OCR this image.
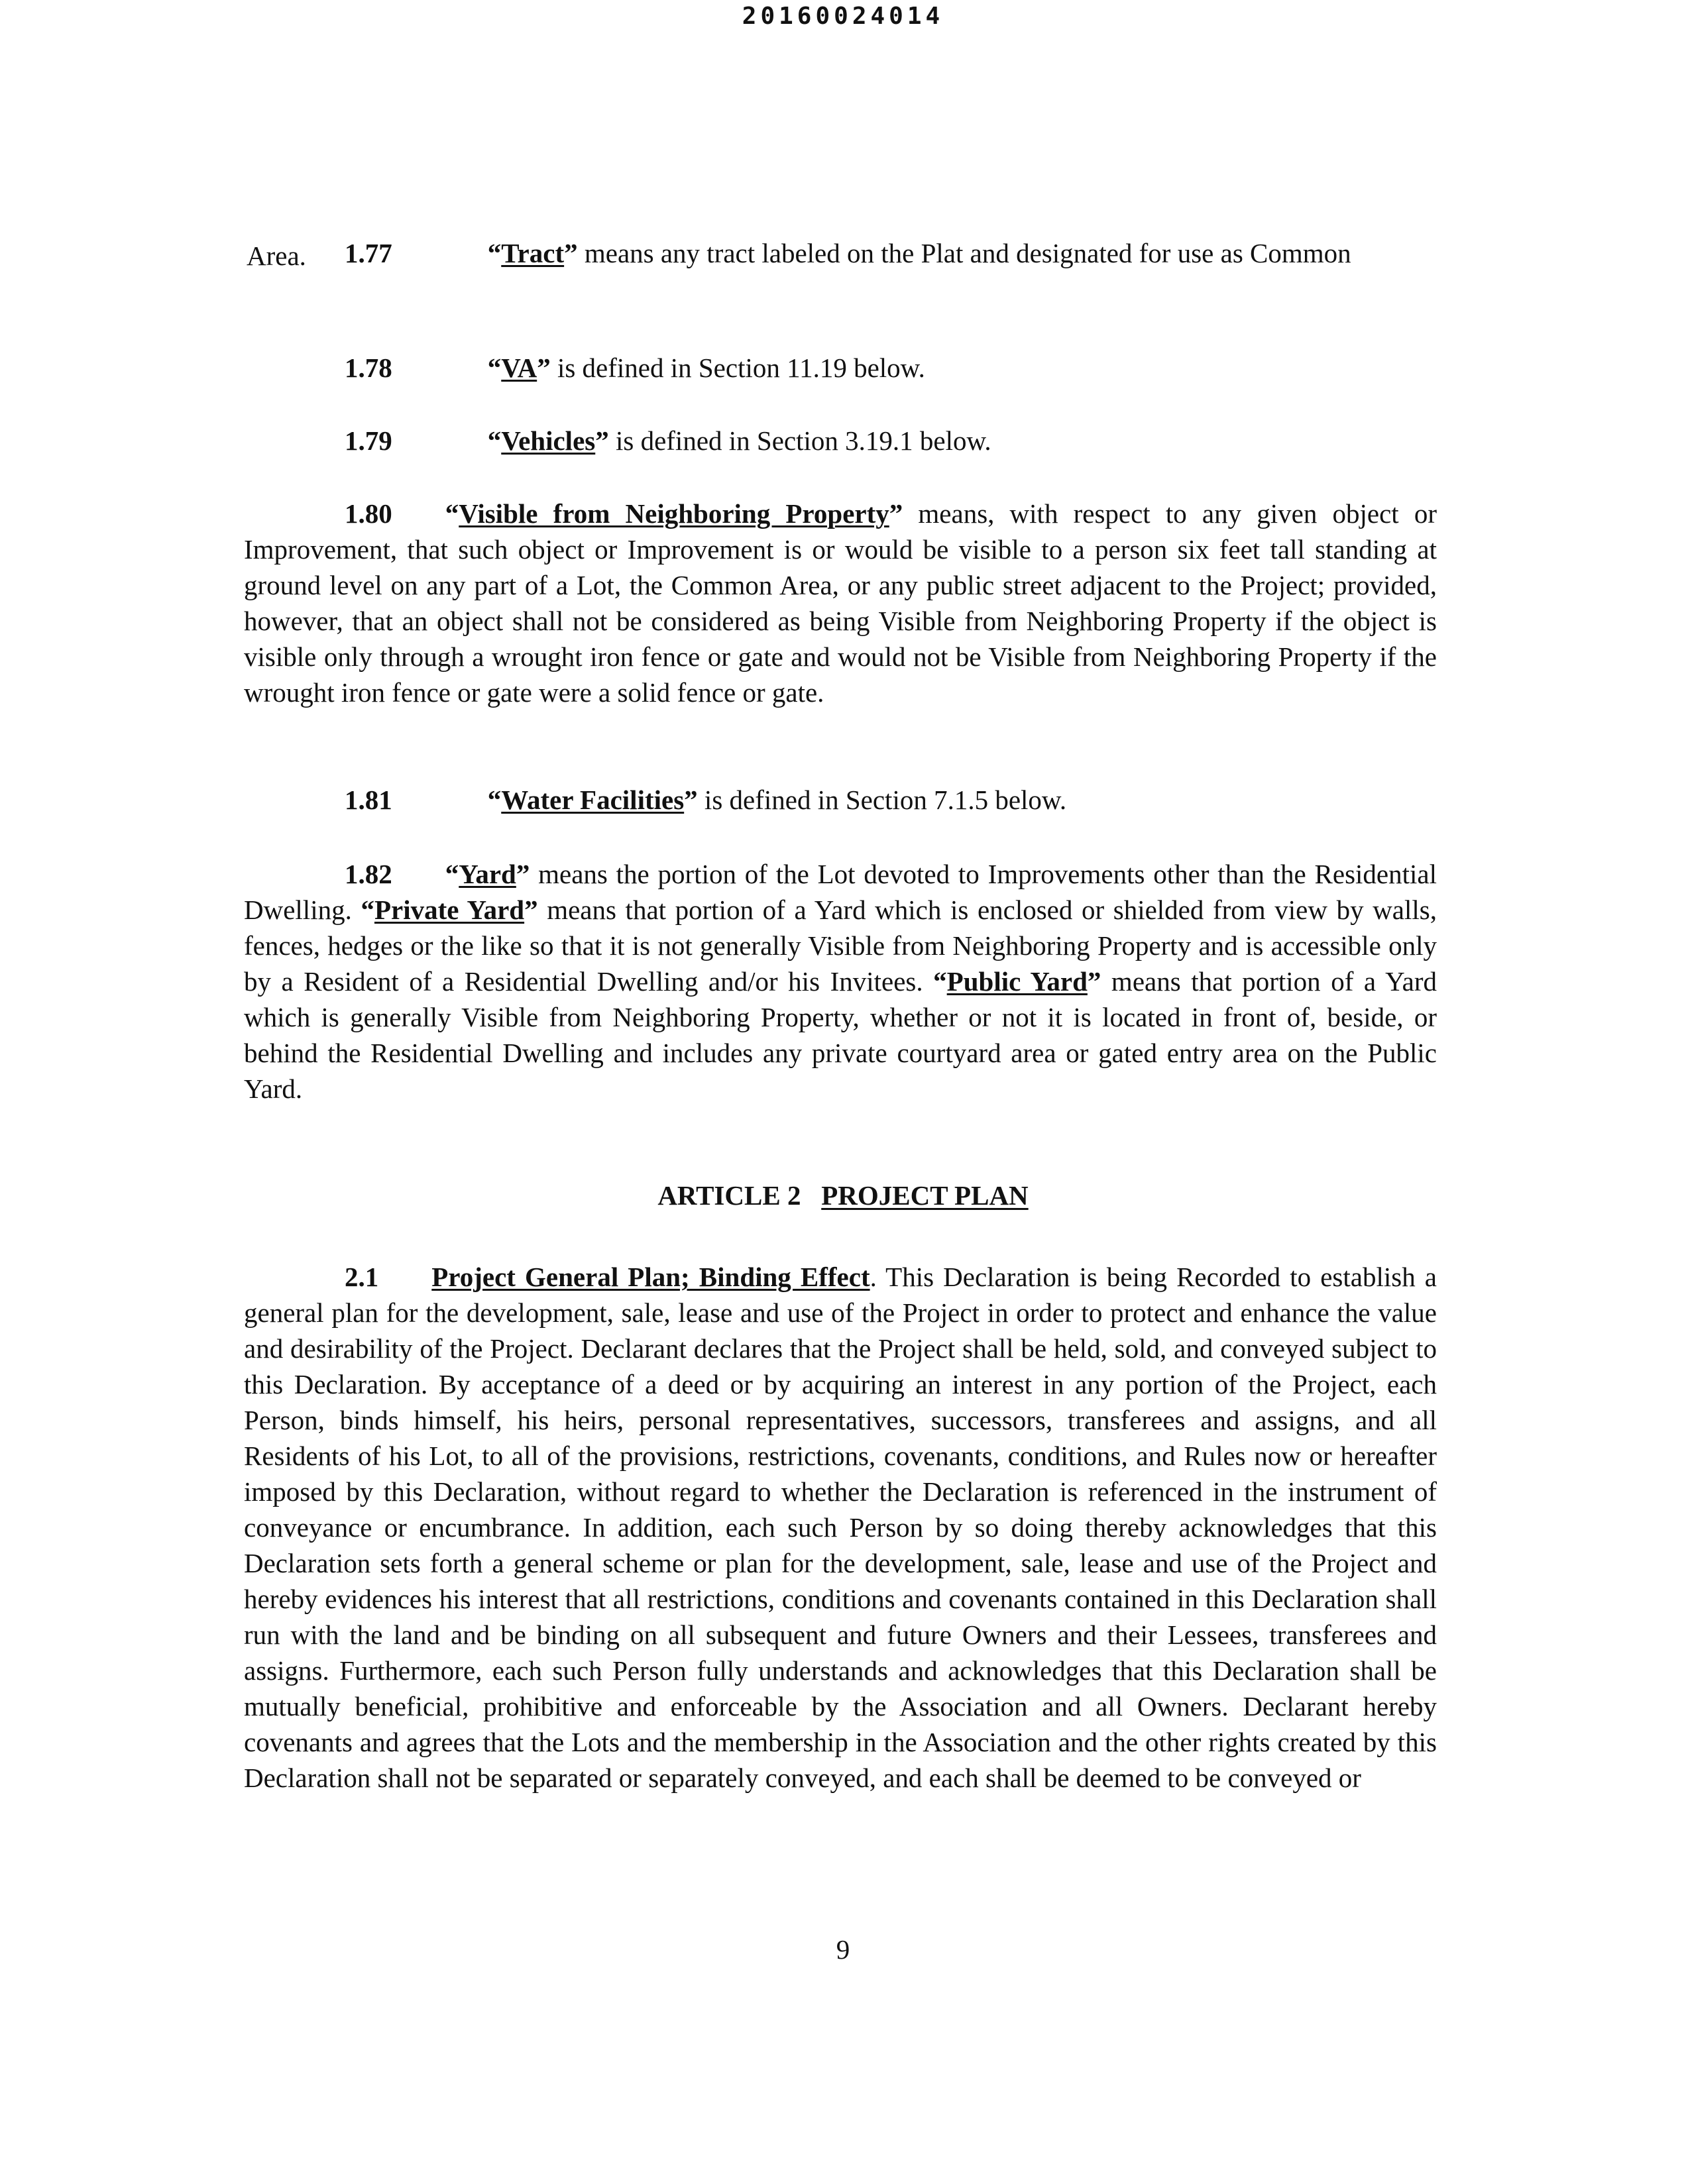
20160024014

1.77	“Tract” means any tract labeled on the Plat and designated for use as Common

Area.

1.78	“VA” is defined in Section 11.19 below.

1.79	“Vehicles” is defined in Section 3.19.1 below.

1.80 “Visible from Neighboring Property” means, with respect to any given object or Improvement, that such object or Improvement is or would be visible to a person six feet tall standing at ground level on any part of a Lot, the Common Area, or any public street adjacent to the Project; provided, however, that an object shall not be considered as being Visible from Neighboring Property if the object is visible only through a wrought iron fence or gate and would not be Visible from Neighboring Property if the wrought iron fence or gate were a solid fence or gate.

1.81	“Water Facilities” is defined in Section 7.1.5 below.

1.82 “Yard” means the portion of the Lot devoted to Improvements other than the Residential Dwelling. “Private Yard” means that portion of a Yard which is enclosed or shielded from view by walls, fences, hedges or the like so that it is not generally Visible from Neighboring Property and is accessible only by a Resident of a Residential Dwelling and/or his Invitees. “Public Yard” means that portion of a Yard which is generally Visible from Neighboring Property, whether or not it is located in front of, beside, or behind the Residential Dwelling and includes any private courtyard area or gated entry area on the Public Yard.

ARTICLE 2 PROJECT PLAN

2.1 Project General Plan; Binding Effect. This Declaration is being Recorded to establish a general plan for the development, sale, lease and use of the Project in order to protect and enhance the value and desirability of the Project. Declarant declares that the Project shall be held, sold, and conveyed subject to this Declaration. By acceptance of a deed or by acquiring an interest in any portion of the Project, each Person, binds himself, his heirs, personal representatives, successors, transferees and assigns, and all Residents of his Lot, to all of the provisions, restrictions, covenants, conditions, and Rules now or hereafter imposed by this Declaration, without regard to whether the Declaration is referenced in the instrument of conveyance or encumbrance. In addition, each such Person by so doing thereby acknowledges that this Declaration sets forth a general scheme or plan for the development, sale, lease and use of the Project and hereby evidences his interest that all restrictions, conditions and covenants contained in this Declaration shall run with the land and be binding on all subsequent and future Owners and their Lessees, transferees and assigns. Furthermore, each such Person fully understands and acknowledges that this Declaration shall be mutually beneficial, prohibitive and enforceable by the Association and all Owners. Declarant hereby covenants and agrees that the Lots and the membership in the Association and the other rights created by this Declaration shall not be separated or separately conveyed, and each shall be deemed to be conveyed or

9
